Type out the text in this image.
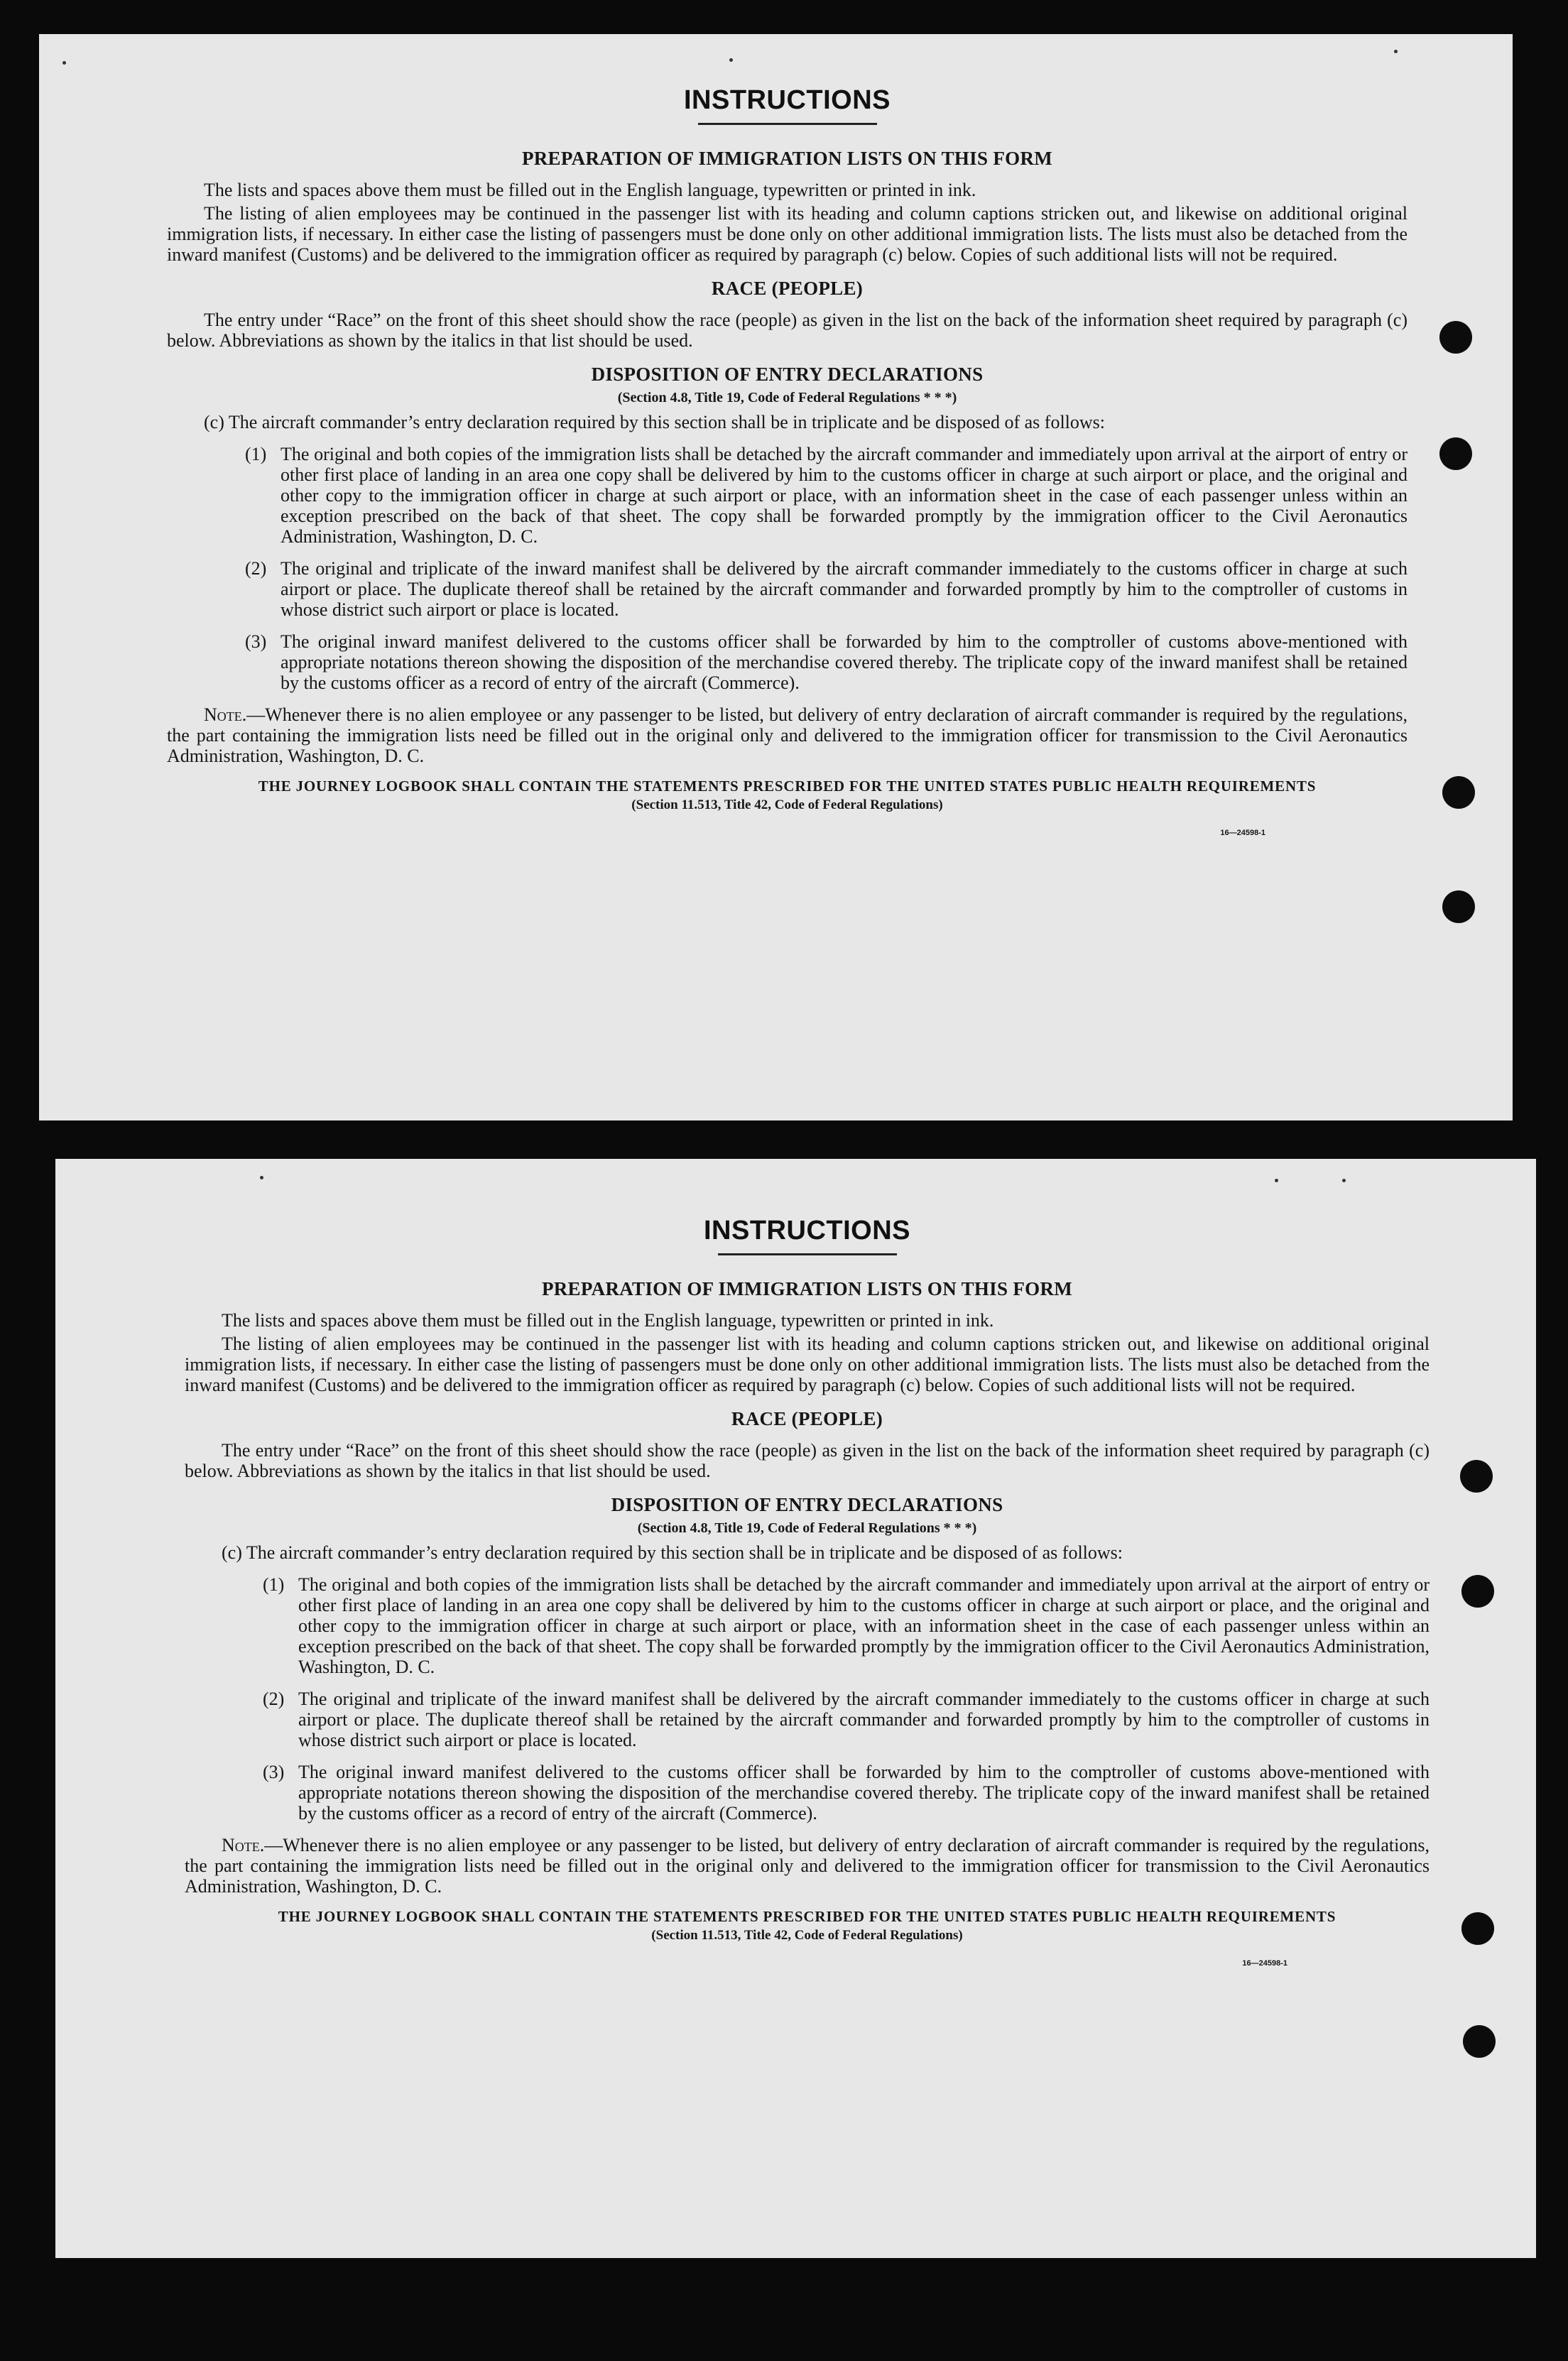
INSTRUCTIONS
PREPARATION OF IMMIGRATION LISTS ON THIS FORM

The lists and spaces above them must be filled out in the English language, typewritten or printed in ink.

The listing of alien employees may be continued in the passenger list with its heading and column captions stricken out, and likewise on additional original immigration lists, if necessary. In either case the listing of passengers must be done only on other additional immigration lists. The lists must also be detached from the inward manifest (Customs) and be delivered to the immigration officer as required by paragraph (c) below. Copies of such additional lists will not be required.

RACE (PEOPLE)

The entry under “Race” on the front of this sheet should show the race (people) as given in the list on the back of the information sheet required by paragraph (c) below. Abbreviations as shown by the italics in that list should be used.

DISPOSITION OF ENTRY DECLARATIONS
(Section 4.8, Title 19, Code of Federal Regulations * * *)

(c) The aircraft commander’s entry declaration required by this section shall be in triplicate and be disposed of as follows:

(1) The original and both copies of the immigration lists shall be detached by the aircraft commander and immediately upon arrival at the airport of entry or other first place of landing in an area one copy shall be delivered by him to the customs officer in charge at such airport or place, and the original and other copy to the immigration officer in charge at such airport or place, with an information sheet in the case of each passenger unless within an exception prescribed on the back of that sheet. The copy shall be forwarded promptly by the immigration officer to the Civil Aeronautics Administration, Washington, D. C.
(2) The original and triplicate of the inward manifest shall be delivered by the aircraft commander immediately to the customs officer in charge at such airport or place. The duplicate thereof shall be retained by the aircraft commander and forwarded promptly by him to the comptroller of customs in whose district such airport or place is located.
(3) The original inward manifest delivered to the customs officer shall be forwarded by him to the comptroller of customs above-mentioned with appropriate notations thereon showing the disposition of the merchandise covered thereby. The triplicate copy of the inward manifest shall be retained by the customs officer as a record of entry of the aircraft (Commerce).

Note.—Whenever there is no alien employee or any passenger to be listed, but delivery of entry declaration of aircraft commander is required by the regulations, the part containing the immigration lists need be filled out in the original only and delivered to the immigration officer for transmission to the Civil Aeronautics Administration, Washington, D. C.

THE JOURNEY LOGBOOK SHALL CONTAIN THE STATEMENTS PRESCRIBED FOR THE UNITED STATES PUBLIC HEALTH REQUIREMENTS
(Section 11.513, Title 42, Code of Federal Regulations)
16—24598-1
INSTRUCTIONS
PREPARATION OF IMMIGRATION LISTS ON THIS FORM

The lists and spaces above them must be filled out in the English language, typewritten or printed in ink.

The listing of alien employees may be continued in the passenger list with its heading and column captions stricken out, and likewise on additional original immigration lists, if necessary. In either case the listing of passengers must be done only on other additional immigration lists. The lists must also be detached from the inward manifest (Customs) and be delivered to the immigration officer as required by paragraph (c) below. Copies of such additional lists will not be required.

RACE (PEOPLE)

The entry under “Race” on the front of this sheet should show the race (people) as given in the list on the back of the information sheet required by paragraph (c) below. Abbreviations as shown by the italics in that list should be used.

DISPOSITION OF ENTRY DECLARATIONS
(Section 4.8, Title 19, Code of Federal Regulations * * *)

(c) The aircraft commander’s entry declaration required by this section shall be in triplicate and be disposed of as follows:

(1) The original and both copies of the immigration lists shall be detached by the aircraft commander and immediately upon arrival at the airport of entry or other first place of landing in an area one copy shall be delivered by him to the customs officer in charge at such airport or place, and the original and other copy to the immigration officer in charge at such airport or place, with an information sheet in the case of each passenger unless within an exception prescribed on the back of that sheet. The copy shall be forwarded promptly by the immigration officer to the Civil Aeronautics Administration, Washington, D. C.
(2) The original and triplicate of the inward manifest shall be delivered by the aircraft commander immediately to the customs officer in charge at such airport or place. The duplicate thereof shall be retained by the aircraft commander and forwarded promptly by him to the comptroller of customs in whose district such airport or place is located.
(3) The original inward manifest delivered to the customs officer shall be forwarded by him to the comptroller of customs above-mentioned with appropriate notations thereon showing the disposition of the merchandise covered thereby. The triplicate copy of the inward manifest shall be retained by the customs officer as a record of entry of the aircraft (Commerce).

Note.—Whenever there is no alien employee or any passenger to be listed, but delivery of entry declaration of aircraft commander is required by the regulations, the part containing the immigration lists need be filled out in the original only and delivered to the immigration officer for transmission to the Civil Aeronautics Administration, Washington, D. C.

THE JOURNEY LOGBOOK SHALL CONTAIN THE STATEMENTS PRESCRIBED FOR THE UNITED STATES PUBLIC HEALTH REQUIREMENTS
(Section 11.513, Title 42, Code of Federal Regulations)
16—24598-1
